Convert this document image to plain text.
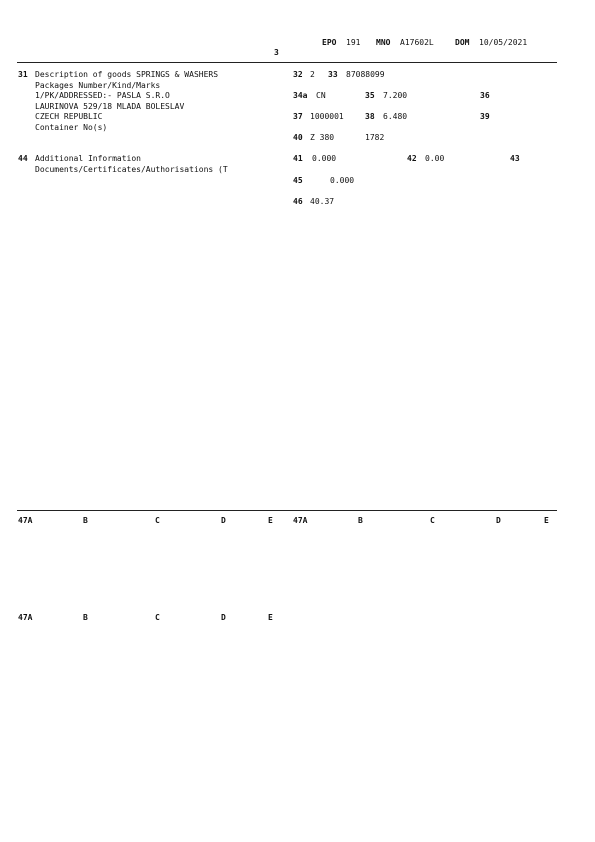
EPO 191 MNO A17602L	DOM 10/05/2021
3
31 Description of goods SPRINGS & WASHERS
Packages Number/Kind/Marks
1/PK/ADDRESSED:- PASLA S.R.O
LAURINOVA 529/18 MLADA BOLESLAV
CZECH REPUBLIC
Container No(s)
32 2 33 87088099
34a CN	35 7.200	36
37 1000001	38 6.480	39
40 Z 380	1782
44 Additional Information
Documents/Certificates/Authorisations (T
41 0.000	42 0.00	43
45	0.000
46 40.37
47A	B	C	D	E	47A	B	C	D	E
47A	B	C	D	E
